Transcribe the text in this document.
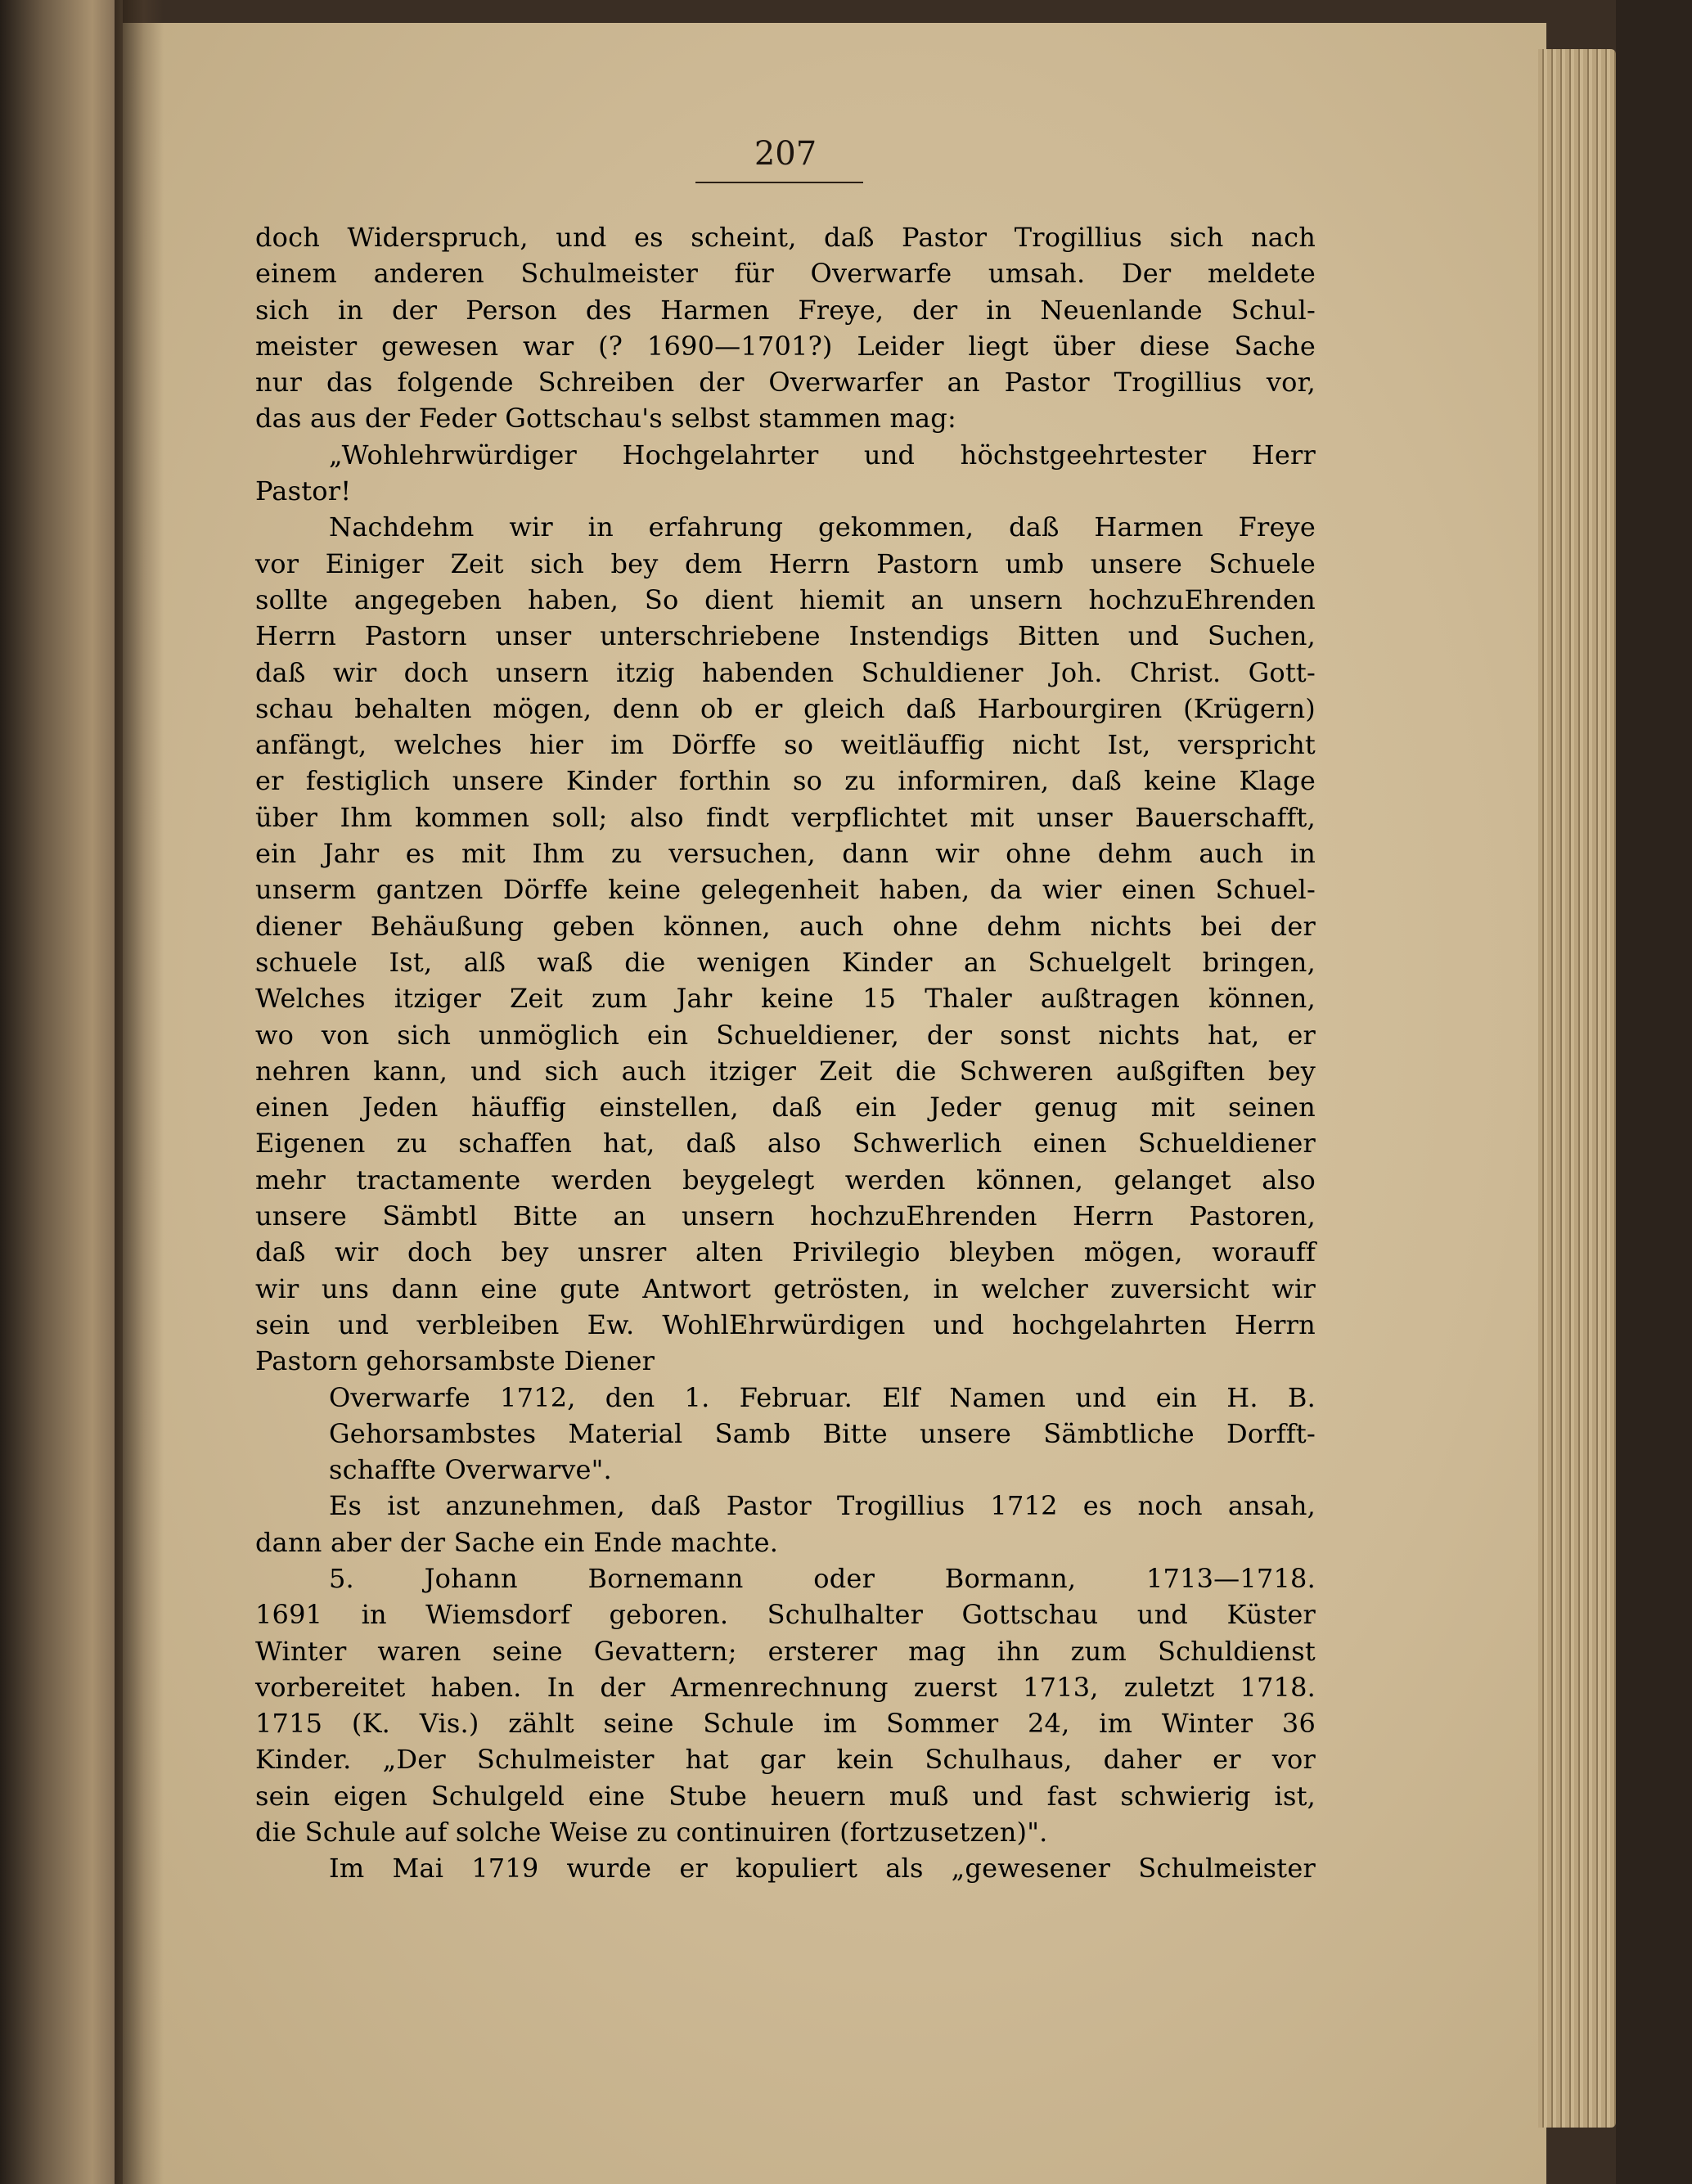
207
doch Widerspruch, und es scheint, daß Pastor Trogillius sich nach
einem anderen Schulmeister für Overwarfe umsah. Der meldete
sich in der Person des Harmen Freye, der in Neuenlande Schul-
meister gewesen war (? 1690—1701?) Leider liegt über diese Sache
nur das folgende Schreiben der Overwarfer an Pastor Trogillius vor,
das aus der Feder Gottschau's selbst stammen mag:
„Wohlehrwürdiger Hochgelahrter und höchstgeehrtester Herr
Pastor!
Nachdehm wir in erfahrung gekommen, daß Harmen Freye
vor Einiger Zeit sich bey dem Herrn Pastorn umb unsere Schuele
sollte angegeben haben, So dient hiemit an unsern hochzuEhrenden
Herrn Pastorn unser unterschriebene Instendigs Bitten und Suchen,
daß wir doch unsern itzig habenden Schuldiener Joh. Christ. Gott-
schau behalten mögen, denn ob er gleich daß Harbourgiren (Krügern)
anfängt, welches hier im Dörffe so weitläuffig nicht Ist, verspricht
er festiglich unsere Kinder forthin so zu informiren, daß keine Klage
über Ihm kommen soll; also findt verpflichtet mit unser Bauerschafft,
ein Jahr es mit Ihm zu versuchen, dann wir ohne dehm auch in
unserm gantzen Dörffe keine gelegenheit haben, da wier einen Schuel-
diener Behäußung geben können, auch ohne dehm nichts bei der
schuele Ist, alß waß die wenigen Kinder an Schuelgelt bringen,
Welches itziger Zeit zum Jahr keine 15 Thaler außtragen können,
wo von sich unmöglich ein Schueldiener, der sonst nichts hat, er
nehren kann, und sich auch itziger Zeit die Schweren außgiften bey
einen Jeden häuffig einstellen, daß ein Jeder genug mit seinen
Eigenen zu schaffen hat, daß also Schwerlich einen Schueldiener
mehr tractamente werden beygelegt werden können, gelanget also
unsere Sämbtl Bitte an unsern hochzuEhrenden Herrn Pastoren,
daß wir doch bey unsrer alten Privilegio bleyben mögen, worauff
wir uns dann eine gute Antwort getrösten, in welcher zuversicht wir
sein und verbleiben Ew. WohlEhrwürdigen und hochgelahrten Herrn
Pastorn gehorsambste Diener
Overwarfe 1712, den 1. Februar. Elf Namen und ein H. B.
Gehorsambstes Material Samb Bitte unsere Sämbtliche Dorfft-
schaffte Overwarve".
Es ist anzunehmen, daß Pastor Trogillius 1712 es noch ansah,
dann aber der Sache ein Ende machte.
5. Johann Bornemann oder Bormann, 1713—1718.
1691 in Wiemsdorf geboren. Schulhalter Gottschau und Küster
Winter waren seine Gevattern; ersterer mag ihn zum Schuldienst
vorbereitet haben. In der Armenrechnung zuerst 1713, zuletzt 1718.
1715 (K. Vis.) zählt seine Schule im Sommer 24, im Winter 36
Kinder. „Der Schulmeister hat gar kein Schulhaus, daher er vor
sein eigen Schulgeld eine Stube heuern muß und fast schwierig ist,
die Schule auf solche Weise zu continuiren (fortzusetzen)".
Im Mai 1719 wurde er kopuliert als „gewesener Schulmeister
